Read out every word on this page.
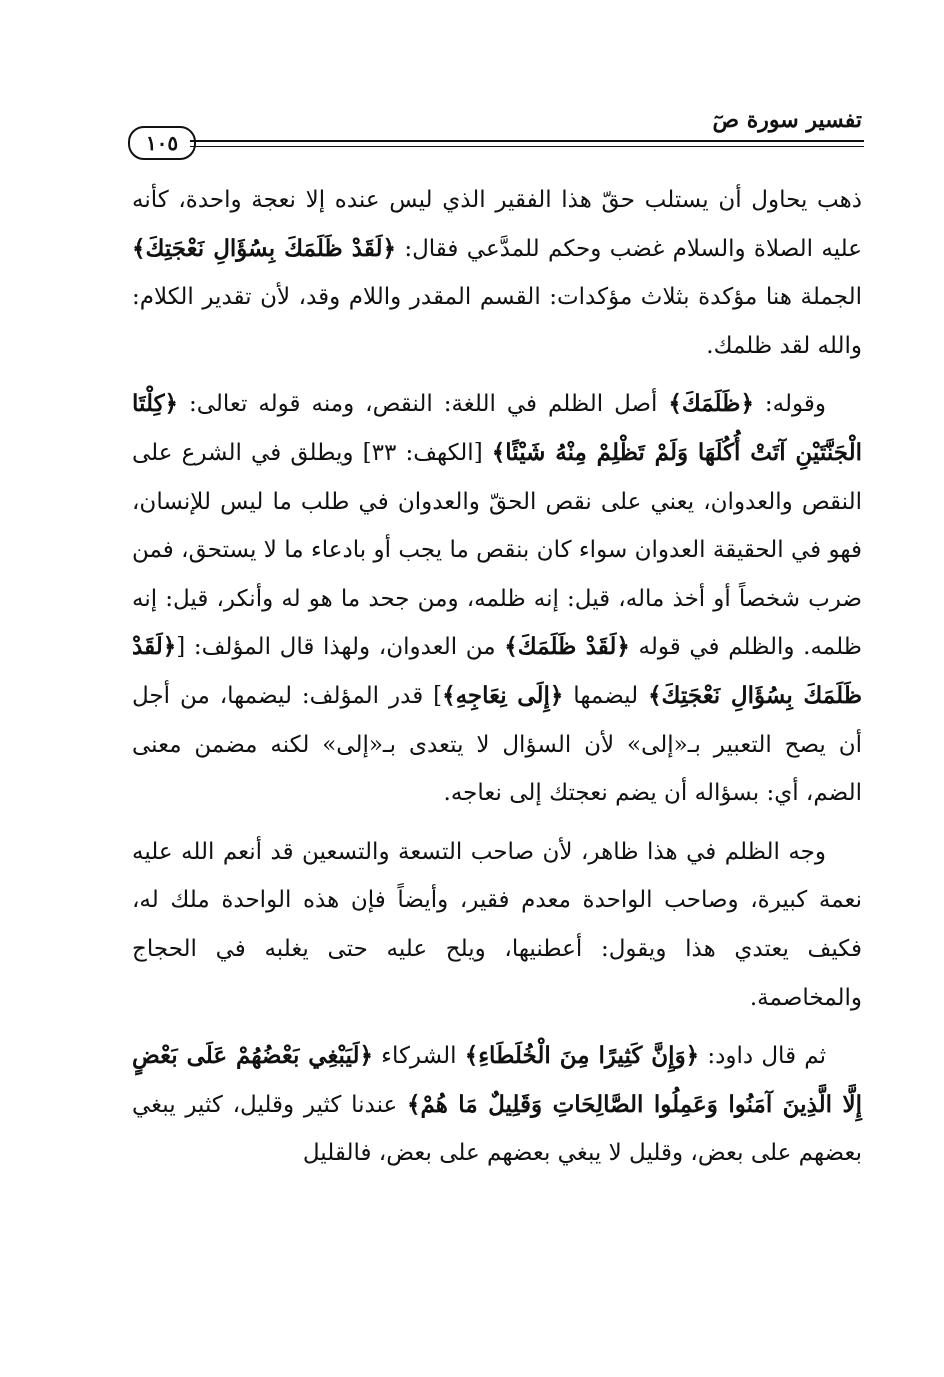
تفسير سورة صٓ
١٠٥

ذهب يحاول أن يستلب حقّ هذا الفقير الذي ليس عنده إلا نعجة واحدة، كأنه عليه الصلاة والسلام غضب وحكم للمدَّعي فقال: ﴿لَقَدْ ظَلَمَكَ بِسُؤَالِ نَعْجَتِكَ﴾ الجملة هنا مؤكدة بثلاث مؤكدات: القسم المقدر واللام وقد، لأن تقدير الكلام: والله لقد ظلمك.

وقوله: ﴿ظَلَمَكَ﴾ أصل الظلم في اللغة: النقص، ومنه قوله تعالى: ﴿كِلْتَا الْجَنَّتَيْنِ آتَتْ أُكُلَهَا وَلَمْ تَظْلِمْ مِنْهُ شَيْئًا﴾ [الكهف: ٣٣] ويطلق في الشرع على النقص والعدوان، يعني على نقص الحقّ والعدوان في طلب ما ليس للإنسان، فهو في الحقيقة العدوان سواء كان بنقص ما يجب أو بادعاء ما لا يستحق، فمن ضرب شخصاً أو أخذ ماله، قيل: إنه ظلمه، ومن جحد ما هو له وأنكر، قيل: إنه ظلمه. والظلم في قوله ﴿لَقَدْ ظَلَمَكَ﴾ من العدوان، ولهذا قال المؤلف: [﴿لَقَدْ ظَلَمَكَ بِسُؤَالِ نَعْجَتِكَ﴾ ليضمها ﴿إِلَى نِعَاجِهِ﴾] قدر المؤلف: ليضمها، من أجل أن يصح التعبير بـ«إلى» لأن السؤال لا يتعدى بـ«إلى» لكنه مضمن معنى الضم، أي: بسؤاله أن يضم نعجتك إلى نعاجه.

وجه الظلم في هذا ظاهر، لأن صاحب التسعة والتسعين قد أنعم الله عليه نعمة كبيرة، وصاحب الواحدة معدم فقير، وأيضاً فإن هذه الواحدة ملك له، فكيف يعتدي هذا ويقول: أعطنيها، ويلح عليه حتى يغلبه في الحجاج والمخاصمة.

ثم قال داود: ﴿وَإِنَّ كَثِيرًا مِنَ الْخُلَطَاءِ﴾ الشركاء ﴿لَيَبْغِي بَعْضُهُمْ عَلَى بَعْضٍ إِلَّا الَّذِينَ آمَنُوا وَعَمِلُوا الصَّالِحَاتِ وَقَلِيلٌ مَا هُمْ﴾ عندنا كثير وقليل، كثير يبغي بعضهم على بعض، وقليل لا يبغي بعضهم على بعض، فالقليل
